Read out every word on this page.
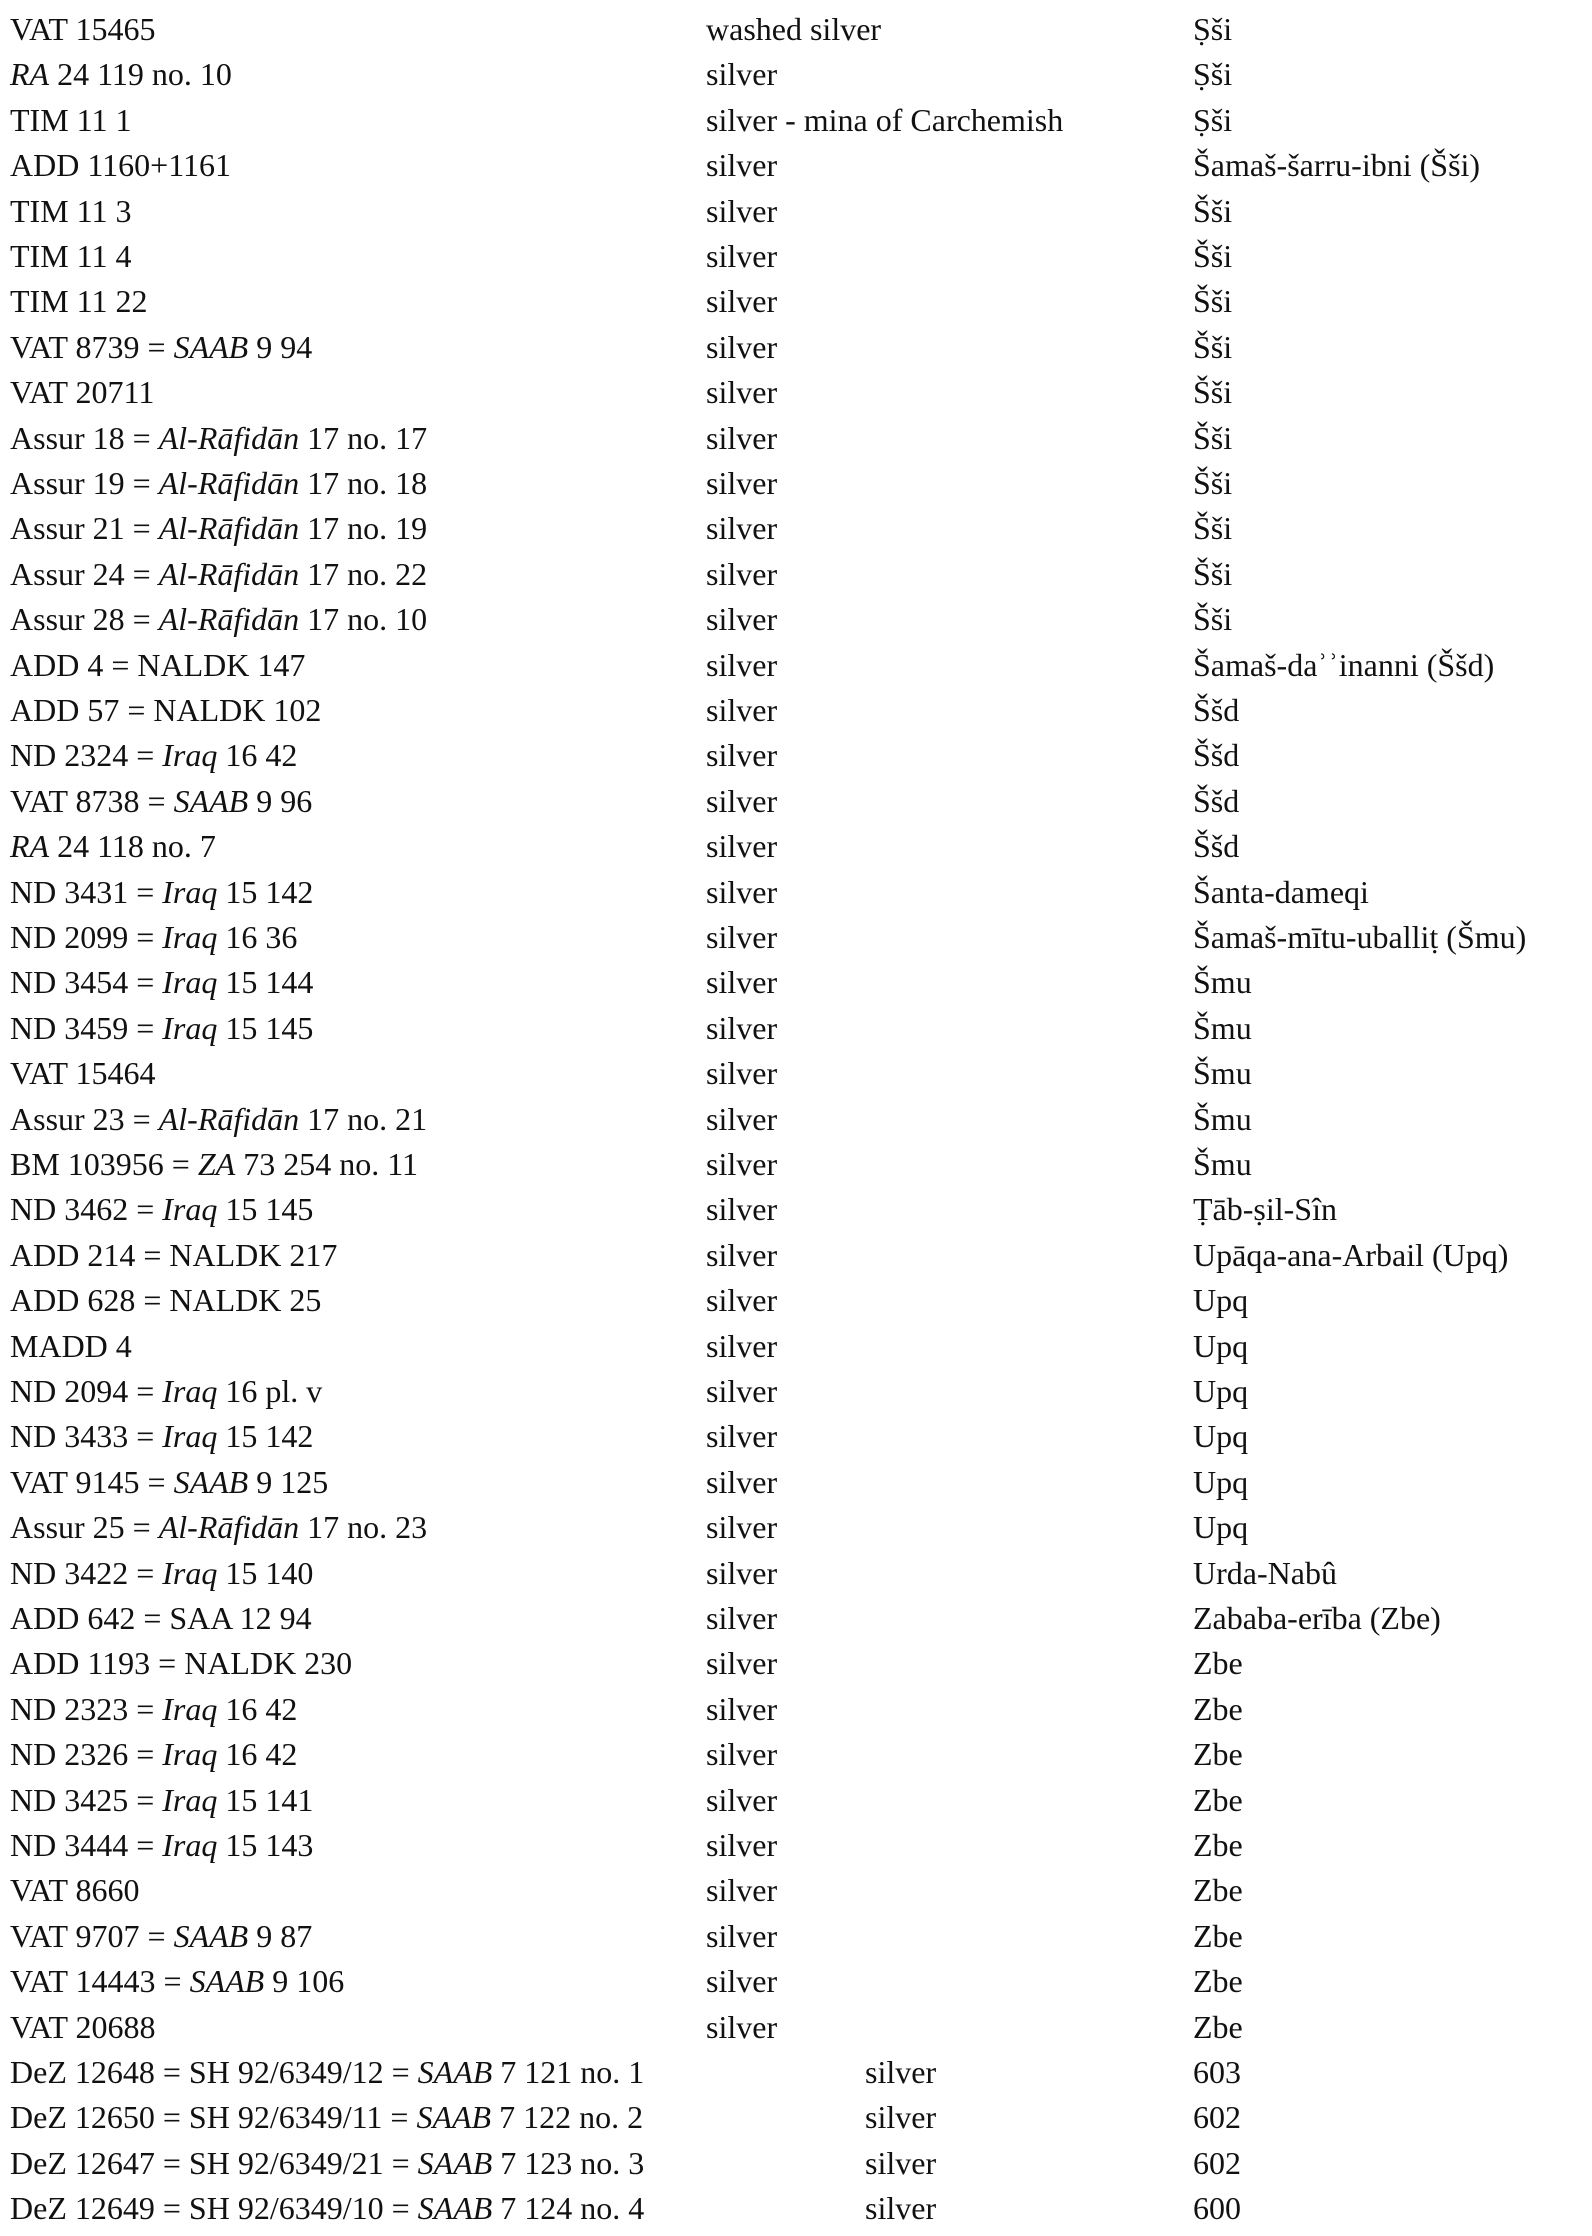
VAT 15465	washed silver	Ṣši
RA 24 119 no. 10	silver	Ṣši
TIM 11 1	silver - mina of Carchemish	Ṣši
ADD 1160+1161	silver	Šamaš-šarru-ibni (Šši)
TIM 11 3	silver	Šši
TIM 11 4	silver	Šši
TIM 11 22	silver	Šši
VAT 8739 = SAAB 9 94	silver	Šši
VAT 20711	silver	Šši
Assur 18 = Al-Rāfidān 17 no. 17	silver	Šši
Assur 19 = Al-Rāfidān 17 no. 18	silver	Šši
Assur 21 = Al-Rāfidān 17 no. 19	silver	Šši
Assur 24 = Al-Rāfidān 17 no. 22	silver	Šši
Assur 28 = Al-Rāfidān 17 no. 10	silver	Šši
ADD 4 = NALDK 147	silver	Šamaš-daʾʾinanni (Ššd)
ADD 57 = NALDK 102	silver	Ššd
ND 2324 = Iraq 16 42	silver	Ššd
VAT 8738 = SAAB 9 96	silver	Ššd
RA 24 118 no. 7	silver	Ššd
ND 3431 = Iraq 15 142	silver	Šanta-dameqi
ND 2099 = Iraq 16 36	silver	Šamaš-mītu-uballiṭ (Šmu)
ND 3454 = Iraq 15 144	silver	Šmu
ND 3459 = Iraq 15 145	silver	Šmu
VAT 15464	silver	Šmu
Assur 23 = Al-Rāfidān 17 no. 21	silver	Šmu
BM 103956 = ZA 73 254 no. 11	silver	Šmu
ND 3462 = Iraq 15 145	silver	Ṭāb-ṣil-Sîn
ADD 214 = NALDK 217	silver	Upāqa-ana-Arbail (Upq)
ADD 628 = NALDK 25	silver	Upq
MADD 4	silver	Upq
ND 2094 = Iraq 16 pl. v	silver	Upq
ND 3433 = Iraq 15 142	silver	Upq
VAT 9145 = SAAB 9 125	silver	Upq
Assur 25 = Al-Rāfidān 17 no. 23	silver	Upq
ND 3422 = Iraq 15 140	silver	Urda-Nabû
ADD 642 = SAA 12 94	silver	Zababa-erība (Zbe)
ADD 1193 = NALDK 230	silver	Zbe
ND 2323 = Iraq 16 42	silver	Zbe
ND 2326 = Iraq 16 42	silver	Zbe
ND 3425 = Iraq 15 141	silver	Zbe
ND 3444 = Iraq 15 143	silver	Zbe
VAT 8660	silver	Zbe
VAT 9707 = SAAB 9 87	silver	Zbe
VAT 14443 = SAAB 9 106	silver	Zbe
VAT 20688	silver	Zbe
DeZ 12648 = SH 92/6349/12 = SAAB 7 121 no. 1	silver	603
DeZ 12650 = SH 92/6349/11 = SAAB 7 122 no. 2	silver	602
DeZ 12647 = SH 92/6349/21 = SAAB 7 123 no. 3	silver	602
DeZ 12649 = SH 92/6349/10 = SAAB 7 124 no. 4	silver	600
